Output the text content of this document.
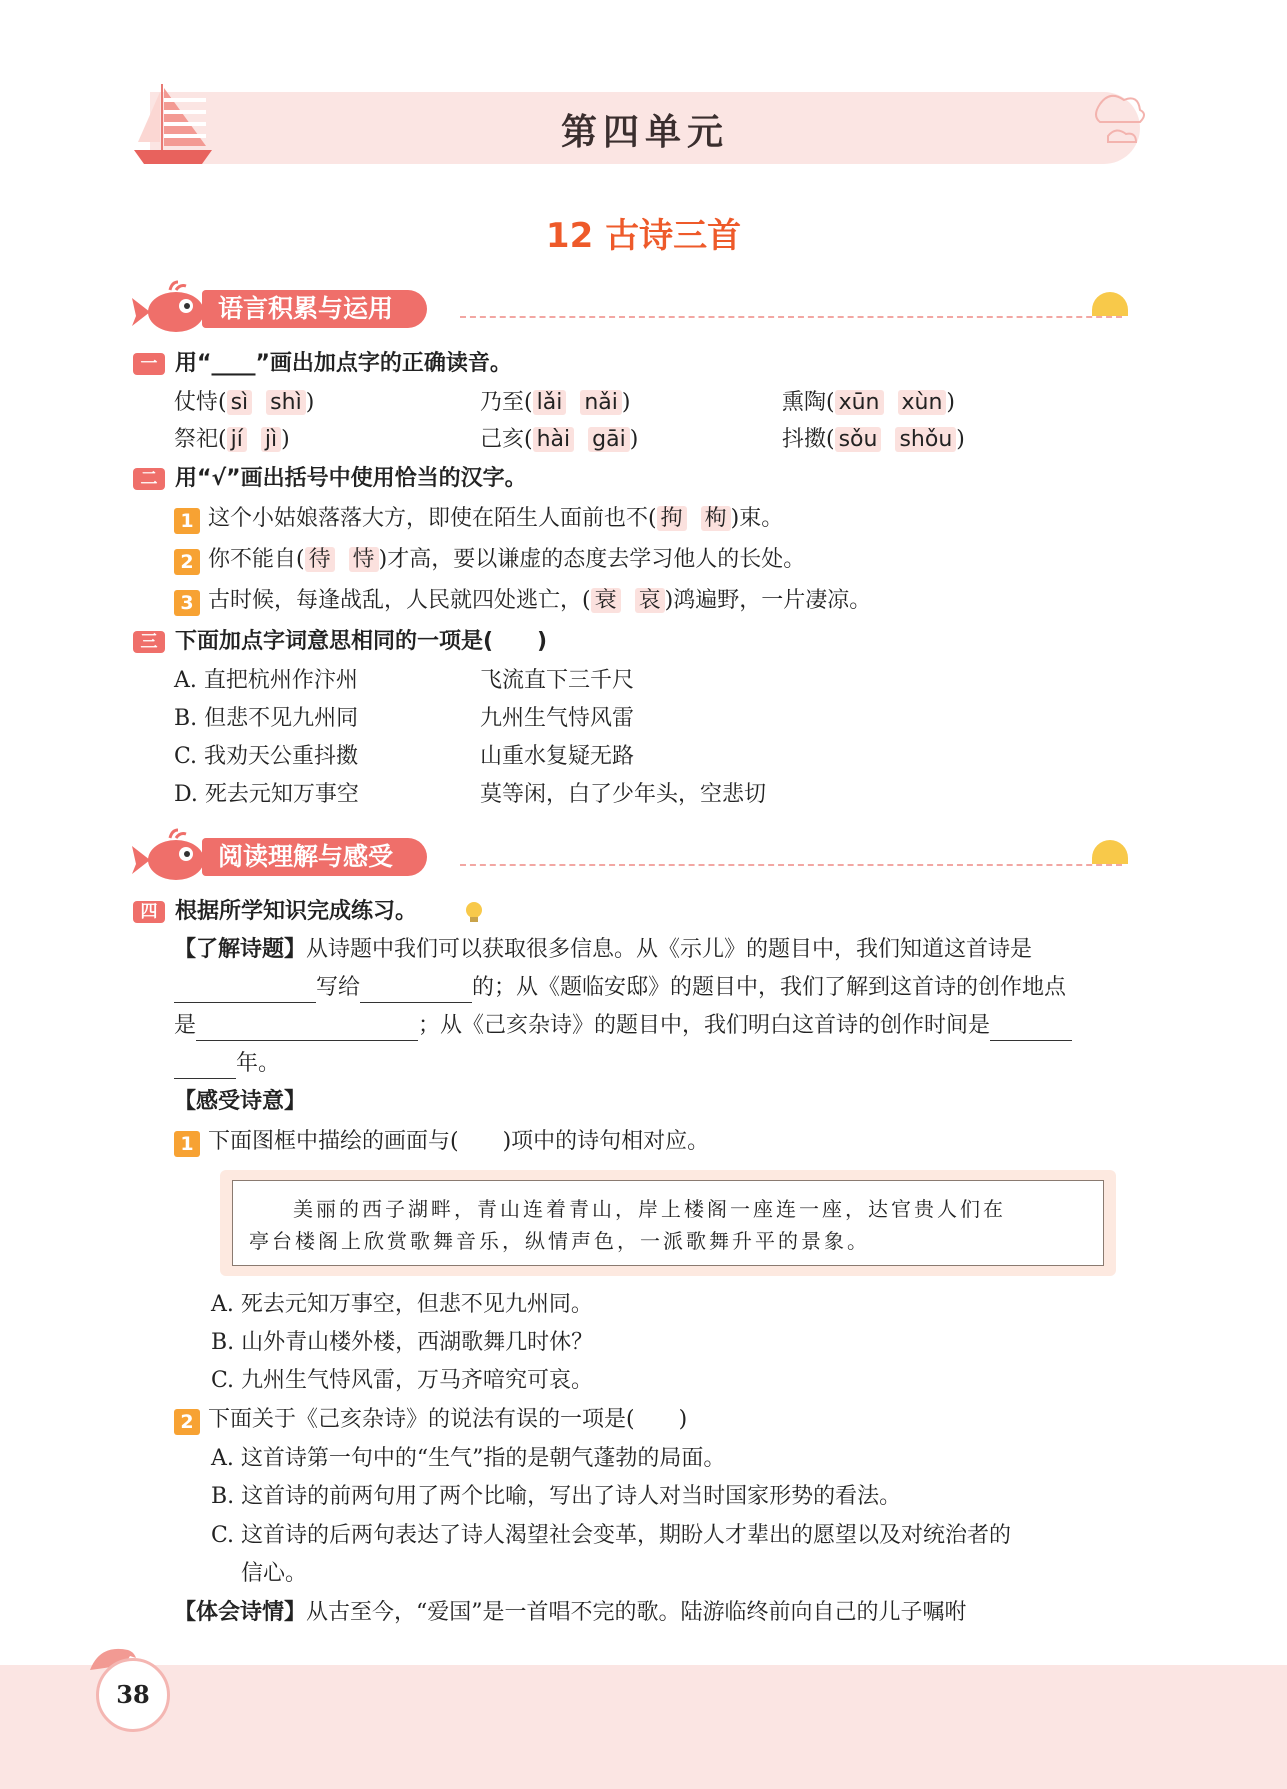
第四单元
12 古诗三首
语言积累与运用
一 用“____”画出加点字的正确读音。
仗恃( sì shì )	乃至( lǎi nǎi )	熏陶( xūn xùn )
祭祀( jí jì )	己亥( hài gāi )	抖擞( sǒu shǒu )
二 用“√”画出括号中使用恰当的汉字。
1 这个小姑娘落落大方，即使在陌生人面前也不( 拘 枸 )束。
2 你不能自( 待 恃 )才高，要以谦虚的态度去学习他人的长处。
3 古时候，每逢战乱，人民就四处逃亡，( 衰 哀 )鸿遍野，一片凄凉。
三 下面加点字词意思相同的一项是(　　)
A. 直把杭州作汴州	飞流直下三千尺
B. 但悲不见九州同	九州生气恃风雷
C. 我劝天公重抖擞	山重水复疑无路
D. 死去元知万事空	莫等闲，白了少年头，空悲切
阅读理解与感受
四 根据所学知识完成练习。
【了解诗题】从诗题中我们可以获取很多信息。从《示儿》的题目中，我们知道这首诗是
写给	的；从《题临安邸》的题目中，我们了解到这首诗的创作地点
是	；从《己亥杂诗》的题目中，我们明白这首诗的创作时间是
年。
【感受诗意】
1 下面图框中描绘的画面与(　　)项中的诗句相对应。
美丽的西子湖畔，青山连着青山，岸上楼阁一座连一座，达官贵人们在
亭台楼阁上欣赏歌舞音乐，纵情声色，一派歌舞升平的景象。
A. 死去元知万事空，但悲不见九州同。
B. 山外青山楼外楼，西湖歌舞几时休？
C. 九州生气恃风雷，万马齐喑究可哀。
2 下面关于《己亥杂诗》的说法有误的一项是(　　)
A. 这首诗第一句中的“生气”指的是朝气蓬勃的局面。
B. 这首诗的前两句用了两个比喻，写出了诗人对当时国家形势的看法。
C. 这首诗的后两句表达了诗人渴望社会变革，期盼人才辈出的愿望以及对统治者的
信心。
【体会诗情】从古至今，“爱国”是一首唱不完的歌。陆游临终前向自己的儿子嘱咐
38
